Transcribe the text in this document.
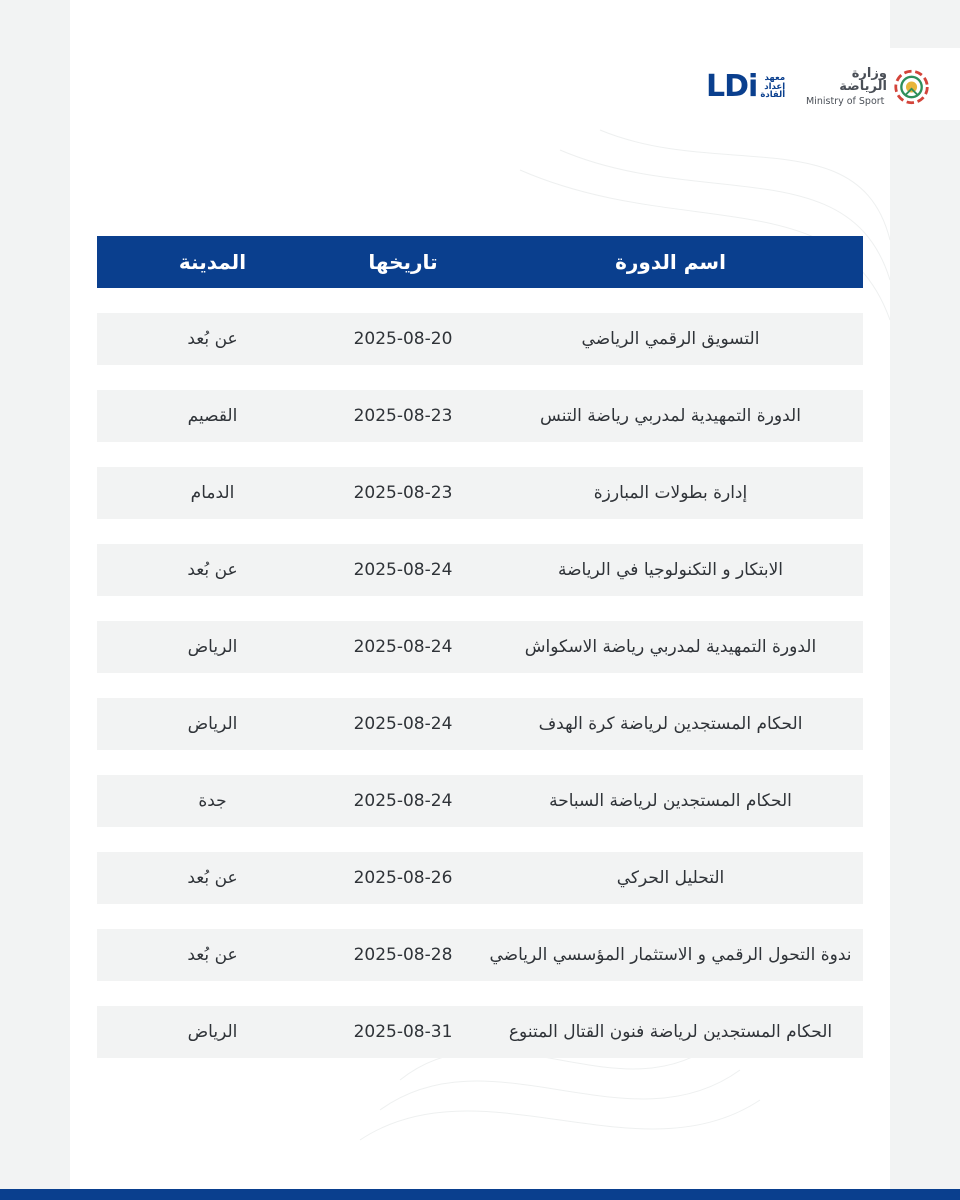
وزارة الرياضة
Ministry of Sport
LDi معهد
إعداد
القادة
اسم الدورة
تاريخها
المدينة
التسويق الرقمي الرياضي
2025-08-20
عن بُعد
الدورة التمهيدية لمدربي رياضة التنس
2025-08-23
القصيم
إدارة بطولات المبارزة
2025-08-23
الدمام
الابتكار و التكنولوجيا في الرياضة
2025-08-24
عن بُعد
الدورة التمهيدية لمدربي رياضة الاسكواش
2025-08-24
الرياض
الحكام المستجدين لرياضة كرة الهدف
2025-08-24
الرياض
الحكام المستجدين لرياضة السباحة
2025-08-24
جدة
التحليل الحركي
2025-08-26
عن بُعد
ندوة التحول الرقمي و الاستثمار المؤسسي الرياضي
2025-08-28
عن بُعد
الحكام المستجدين لرياضة فنون القتال المتنوع
2025-08-31
الرياض
